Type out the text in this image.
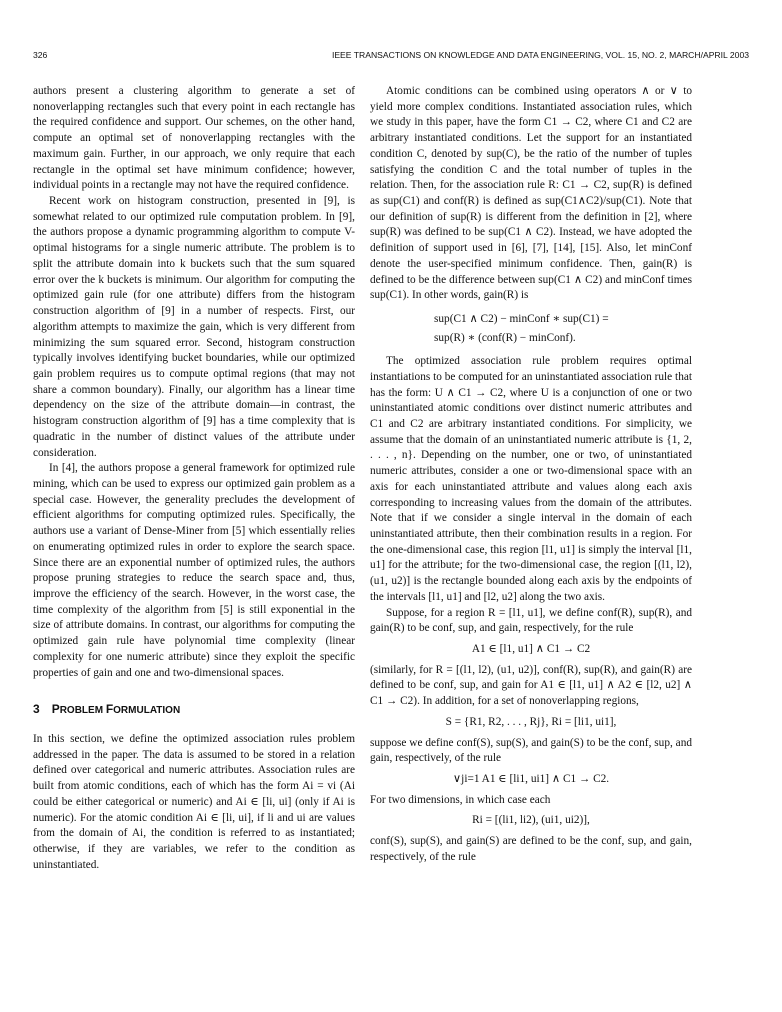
326	IEEE TRANSACTIONS ON KNOWLEDGE AND DATA ENGINEERING, VOL. 15, NO. 2, MARCH/APRIL 2003

authors present a clustering algorithm to generate a set of nonoverlapping rectangles such that every point in each rectangle has the required confidence and support. Our schemes, on the other hand, compute an optimal set of nonoverlapping rectangles with the maximum gain. Further, in our approach, we only require that each rectangle in the optimal set have minimum confidence; however, individual points in a rectangle may not have the required confidence.

Recent work on histogram construction, presented in [9], is somewhat related to our optimized rule computation problem. In [9], the authors propose a dynamic programming algorithm to compute V-optimal histograms for a single numeric attribute. The problem is to split the attribute domain into k buckets such that the sum squared error over the k buckets is minimum. Our algorithm for computing the optimized gain rule (for one attribute) differs from the histogram construction algorithm of [9] in a number of respects. First, our algorithm attempts to maximize the gain, which is very different from minimizing the sum squared error. Second, histogram construction typically involves identifying bucket boundaries, while our optimized gain problem requires us to compute optimal regions (that may not share a common boundary). Finally, our algorithm has a linear time dependency on the size of the attribute domain—in contrast, the histogram construction algorithm of [9] has a time complexity that is quadratic in the number of distinct values of the attribute under consideration.

In [4], the authors propose a general framework for optimized rule mining, which can be used to express our optimized gain problem as a special case. However, the generality precludes the development of efficient algorithms for computing optimized rules. Specifically, the authors use a variant of Dense-Miner from [5] which essentially relies on enumerating optimized rules in order to explore the search space. Since there are an exponential number of optimized rules, the authors propose pruning strategies to reduce the search space and, thus, improve the efficiency of the search. However, in the worst case, the time complexity of the algorithm from [5] is still exponential in the size of attribute domains. In contrast, our algorithms for computing the optimized gain rule have polynomial time complexity (linear complexity for one numeric attribute) since they exploit the specific properties of gain and one and two-dimensional spaces.

3 PROBLEM FORMULATION

In this section, we define the optimized association rules problem addressed in the paper. The data is assumed to be stored in a relation defined over categorical and numeric attributes. Association rules are built from atomic conditions, each of which has the form Ai = vi (Ai could be either categorical or numeric) and Ai ∈ [li, ui] (only if Ai is numeric). For the atomic condition Ai ∈ [li, ui], if li and ui are values from the domain of Ai, the condition is referred to as instantiated; otherwise, if they are variables, we refer to the condition as uninstantiated.

Atomic conditions can be combined using operators ∧ or ∨ to yield more complex conditions. Instantiated association rules, which we study in this paper, have the form C1 → C2, where C1 and C2 are arbitrary instantiated conditions. Let the support for an instantiated condition C, denoted by sup(C), be the ratio of the number of tuples satisfying the condition C and the total number of tuples in the relation. Then, for the association rule R: C1 → C2, sup(R) is defined as sup(C1) and conf(R) is defined as sup(C1∧C2)/sup(C1). Note that our definition of sup(R) is different from the definition in [2], where sup(R) was defined to be sup(C1 ∧ C2). Instead, we have adopted the definition of support used in [6], [7], [14], [15]. Also, let minConf denote the user-specified minimum confidence. Then, gain(R) is defined to be the difference between sup(C1 ∧ C2) and minConf times sup(C1). In other words, gain(R) is

sup(C1 ∧ C2) − minConf ∗ sup(C1) =
sup(R) ∗ (conf(R) − minConf).

The optimized association rule problem requires optimal instantiations to be computed for an uninstantiated association rule that has the form: U ∧ C1 → C2, where U is a conjunction of one or two uninstantiated atomic conditions over distinct numeric attributes and C1 and C2 are arbitrary instantiated conditions. For simplicity, we assume that the domain of an uninstantiated numeric attribute is {1, 2, . . . , n}. Depending on the number, one or two, of uninstantiated numeric attributes, consider a one or two-dimensional space with an axis for each uninstantiated attribute and values along each axis corresponding to increasing values from the domain of the attributes. Note that if we consider a single interval in the domain of each uninstantiated attribute, then their combination results in a region. For the one-dimensional case, this region [l1, u1] is simply the interval [l1, u1] for the attribute; for the two-dimensional case, the region [(l1, l2), (u1, u2)] is the rectangle bounded along each axis by the endpoints of the intervals [l1, u1] and [l2, u2] along the two axis.

Suppose, for a region R = [l1, u1], we define conf(R), sup(R), and gain(R) to be conf, sup, and gain, respectively, for the rule

A1 ∈ [l1, u1] ∧ C1 → C2

(similarly, for R = [(l1, l2), (u1, u2)], conf(R), sup(R), and gain(R) are defined to be conf, sup, and gain for A1 ∈ [l1, u1] ∧ A2 ∈ [l2, u2] ∧ C1 → C2). In addition, for a set of nonoverlapping regions,

S = {R1, R2, . . . , Rj}, Ri = [li1, ui1],

suppose we define conf(S), sup(S), and gain(S) to be the conf, sup, and gain, respectively, of the rule

∨ji=1 A1 ∈ [li1, ui1] ∧ C1 → C2.

For two dimensions, in which case each

Ri = [(li1, li2), (ui1, ui2)],

conf(S), sup(S), and gain(S) are defined to be the conf, sup, and gain, respectively, of the rule
